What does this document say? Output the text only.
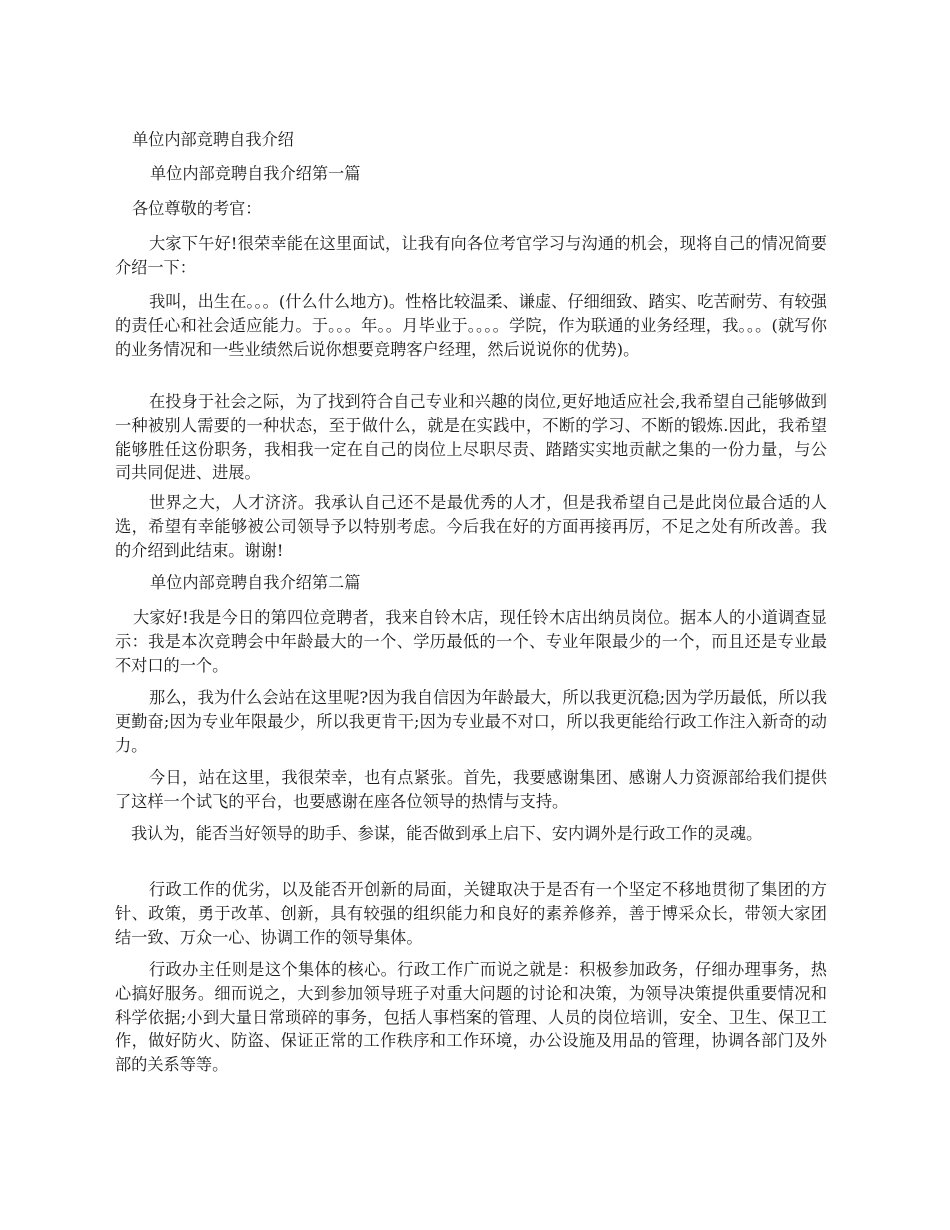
单位内部竞聘自我介绍

单位内部竞聘自我介绍第一篇

各位尊敬的考官：

大家下午好!很荣幸能在这里面试，让我有向各位考官学习与沟通的机会，现将自己的情况简要介绍一下：

我叫，出生在。。。(什么什么地方)。性格比较温柔、谦虚、仔细细致、踏实、吃苦耐劳、有较强的责任心和社会适应能力。于。。。年。。月毕业于。。。。学院，作为联通的业务经理，我。。。(就写你的业务情况和一些业绩然后说你想要竞聘客户经理，然后说说你的优势)。

在投身于社会之际，为了找到符合自己专业和兴趣的岗位,更好地适应社会,我希望自己能够做到一种被别人需要的一种状态，至于做什么，就是在实践中，不断的学习、不断的锻炼.因此，我希望能够胜任这份职务，我相我一定在自己的岗位上尽职尽责、踏踏实实地贡献之集的一份力量，与公司共同促进、进展。

世界之大，人才济济。我承认自己还不是最优秀的人才，但是我希望自己是此岗位最合适的人选，希望有幸能够被公司领导予以特别考虑。今后我在好的方面再接再厉，不足之处有所改善。我的介绍到此结束。谢谢!

单位内部竞聘自我介绍第二篇

大家好!我是今日的第四位竞聘者，我来自铃木店，现任铃木店出纳员岗位。据本人的小道调查显示：我是本次竞聘会中年龄最大的一个、学历最低的一个、专业年限最少的一个，而且还是专业最不对口的一个。

那么，我为什么会站在这里呢?因为我自信因为年龄最大，所以我更沉稳;因为学历最低，所以我更勤奋;因为专业年限最少，所以我更肯干;因为专业最不对口，所以我更能给行政工作注入新奇的动力。

今日，站在这里，我很荣幸，也有点紧张。首先，我要感谢集团、感谢人力资源部给我们提供了这样一个试飞的平台，也要感谢在座各位领导的热情与支持。

我认为，能否当好领导的助手、参谋，能否做到承上启下、安内调外是行政工作的灵魂。

行政工作的优劣，以及能否开创新的局面，关键取决于是否有一个坚定不移地贯彻了集团的方针、政策，勇于改革、创新，具有较强的组织能力和良好的素养修养，善于博采众长，带领大家团结一致、万众一心、协调工作的领导集体。

行政办主任则是这个集体的核心。行政工作广而说之就是：积极参加政务，仔细办理事务，热心搞好服务。细而说之，大到参加领导班子对重大问题的讨论和决策，为领导决策提供重要情况和科学依据;小到大量日常琐碎的事务，包括人事档案的管理、人员的岗位培训，安全、卫生、保卫工作，做好防火、防盗、保证正常的工作秩序和工作环境，办公设施及用品的管理，协调各部门及外部的关系等等。
